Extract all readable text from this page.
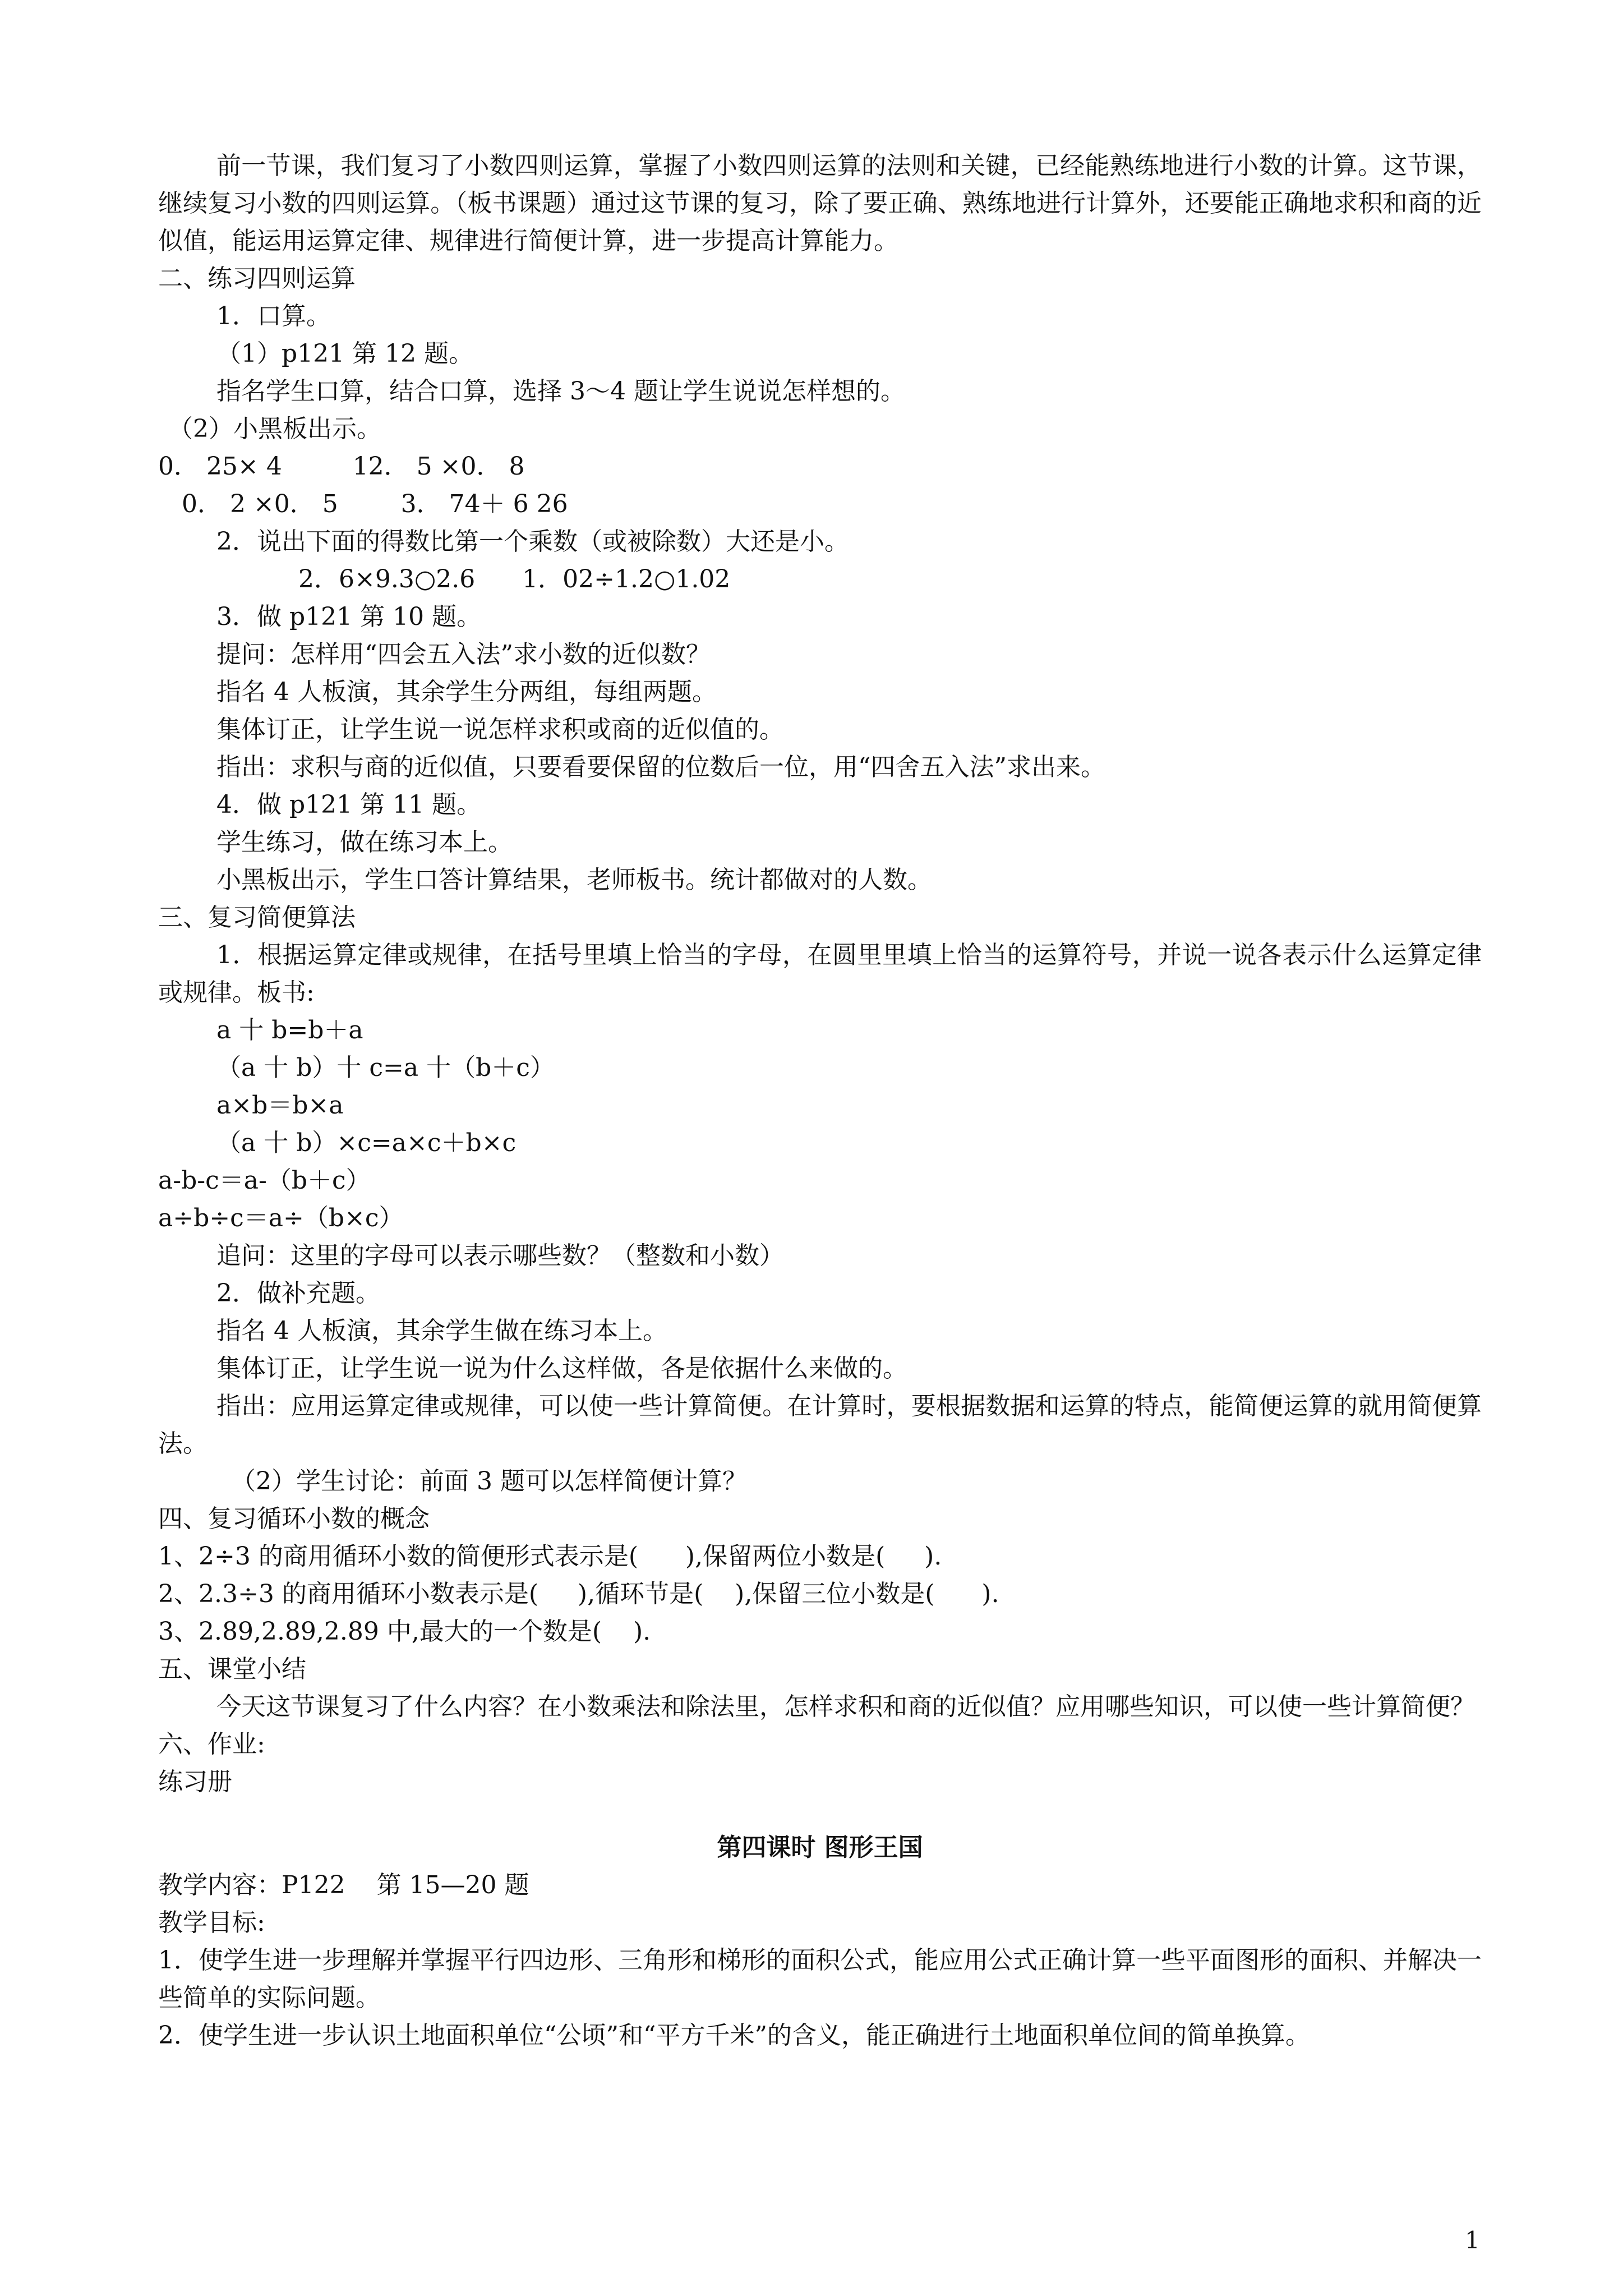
前一节课，我们复习了小数四则运算，掌握了小数四则运算的法则和关键，已经能熟练地进行小数的计算。这节课，继续复习小数的四则运算。（板书课题）通过这节课的复习，除了要正确、熟练地进行计算外，还要能正确地求积和商的近似值，能运用运算定律、规律进行简便计算，进一步提高计算能力。

二、练习四则运算

1．口算。

（1）p121 第 12 题。

指名学生口算，结合口算，选择 3～4 题让学生说说怎样想的。

（2）小黑板出示。

0． 25× 4         12． 5 ×0． 8

0． 2 ×0． 5        3． 74＋ 6 26

2．说出下面的得数比第一个乘数（或被除数）大还是小。

2．6×9.3○2.6      1．02÷1.2○1.02

3．做 p121 第 10 题。

提问：怎样用“四会五入法”求小数的近似数？

指名 4 人板演，其余学生分两组，每组两题。

集体订正，让学生说一说怎样求积或商的近似值的。

指出：求积与商的近似值，只要看要保留的位数后一位，用“四舍五入法”求出来。

4．做 p121 第 11 题。

学生练习，做在练习本上。

小黑板出示，学生口答计算结果，老师板书。统计都做对的人数。

三、复习简便算法

1．根据运算定律或规律，在括号里填上恰当的字母，在圆里里填上恰当的运算符号，并说一说各表示什么运算定律或规律。板书:

a 十 b=b＋a

（a 十 b）十 c=a 十（b＋c）

a×b＝b×a

（a 十 b）×c=a×c＋b×c

a-b-c＝a-（b＋c）

a÷b÷c＝a÷（b×c）

追问：这里的字母可以表示哪些数？（整数和小数）

2．做补充题。

指名 4 人板演，其余学生做在练习本上。

集体订正，让学生说一说为什么这样做，各是依据什么来做的。

指出：应用运算定律或规律，可以使一些计算简便。在计算时，要根据数据和运算的特点，能简便运算的就用简便算法。

（2）学生讨论：前面 3 题可以怎样简便计算？

四、复习循环小数的概念

1、2÷3 的商用循环小数的简便形式表示是(      ),保留两位小数是(     ).

2、2.3÷3 的商用循环小数表示是(     ),循环节是(    ),保留三位小数是(      ).

3、2.89,2.89,2.89 中,最大的一个数是(    ).

五、课堂小结

今天这节课复习了什么内容？在小数乘法和除法里，怎样求积和商的近似值？应用哪些知识，可以使一些计算简便？

六、作业:

练习册

第四课时 图形王国

教学内容：P122    第 15—20 题

教学目标:

1．使学生进一步理解并掌握平行四边形、三角形和梯形的面积公式，能应用公式正确计算一些平面图形的面积、并解决一些简单的实际问题。

2．使学生进一步认识土地面积单位“公顷”和“平方千米”的含义，能正确进行土地面积单位间的简单换算。

1
